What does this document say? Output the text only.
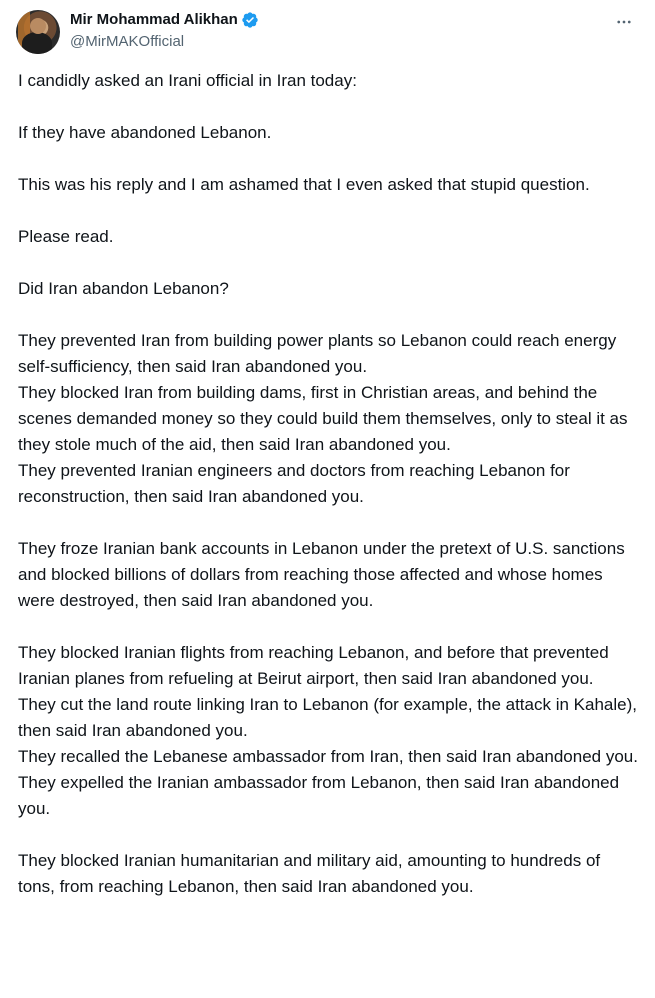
Mir Mohammad Alikhan
@MirMAKOfficial

I candidly asked an Irani official in Iran today:

If they have abandoned Lebanon.

This was his reply and I am ashamed that I even asked that stupid question.

Please read.

Did Iran abandon Lebanon?

They prevented Iran from building power plants so Lebanon could reach energy self-sufficiency, then said Iran abandoned you.
They blocked Iran from building dams, first in Christian areas, and behind the scenes demanded money so they could build them themselves, only to steal it as they stole much of the aid, then said Iran abandoned you.
They prevented Iranian engineers and doctors from reaching Lebanon for reconstruction, then said Iran abandoned you.

They froze Iranian bank accounts in Lebanon under the pretext of U.S. sanctions and blocked billions of dollars from reaching those affected and whose homes were destroyed, then said Iran abandoned you.

They blocked Iranian flights from reaching Lebanon, and before that prevented Iranian planes from refueling at Beirut airport, then said Iran abandoned you.
They cut the land route linking Iran to Lebanon (for example, the attack in Kahale), then said Iran abandoned you.
They recalled the Lebanese ambassador from Iran, then said Iran abandoned you.
They expelled the Iranian ambassador from Lebanon, then said Iran abandoned you.

They blocked Iranian humanitarian and military aid, amounting to hundreds of tons, from reaching Lebanon, then said Iran abandoned you.
